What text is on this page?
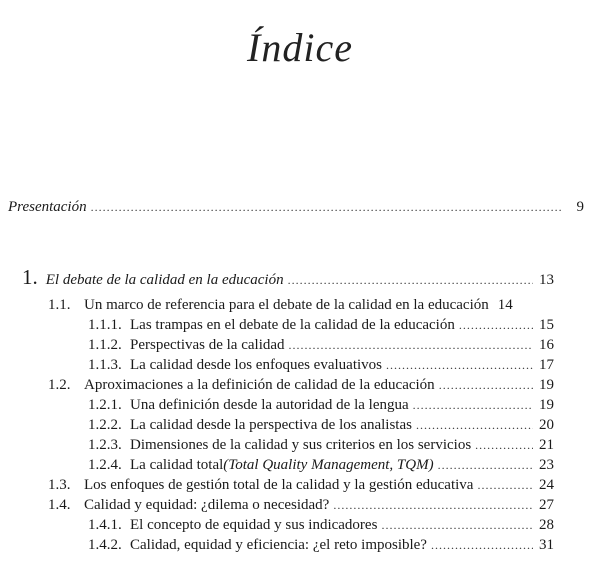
Índice
Presentación .....	9
1. El debate de la calidad en la educación .....	13
1.1. Un marco de referencia para el debate de la calidad en la educación 14
1.1.1. Las trampas en el debate de la calidad de la educación .....	15
1.1.2. Perspectivas de la calidad .....	16
1.1.3. La calidad desde los enfoques evaluativos .....	17
1.2. Aproximaciones a la definición de calidad de la educación .....	19
1.2.1. Una definición desde la autoridad de la lengua .....	19
1.2.2. La calidad desde la perspectiva de los analistas .....	20
1.2.3. Dimensiones de la calidad y sus criterios en los servicios .....	21
1.2.4. La calidad total (Total Quality Management, TQM) .....	23
1.3. Los enfoques de gestión total de la calidad y la gestión educativa .....	24
1.4. Calidad y equidad: ¿dilema o necesidad? .....	27
1.4.1. El concepto de equidad y sus indicadores .....	28
1.4.2. Calidad, equidad y eficiencia: ¿el reto imposible? .....	31
